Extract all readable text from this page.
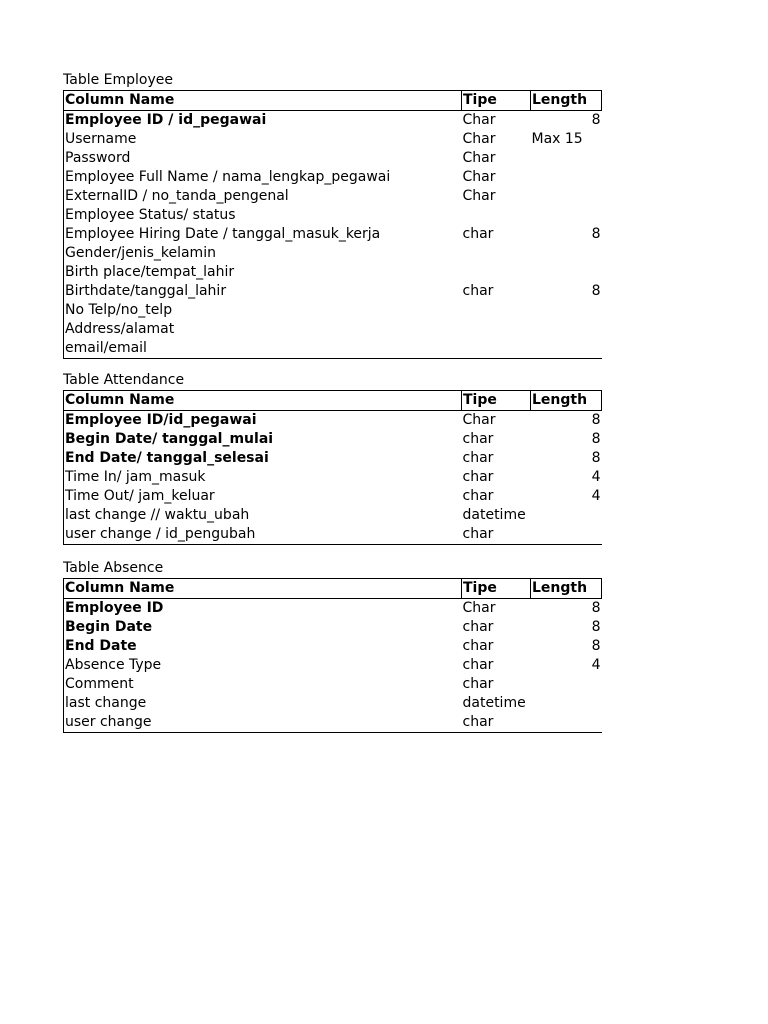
Table Employee
Column Name	Tipe	Length
Employee ID / id_pegawai	Char	8
Username	Char	Max 15
Password	Char	
Employee Full Name / nama_lengkap_pegawai	Char	
ExternalID / no_tanda_pengenal	Char	
Employee Status/ status		
Employee Hiring Date / tanggal_masuk_kerja	char	8
Gender/jenis_kelamin		
Birth place/tempat_lahir		
Birthdate/tanggal_lahir	char	8
No Telp/no_telp		
Address/alamat		
email/email		
Table Attendance
Column Name	Tipe	Length
Employee ID/id_pegawai	Char	8
Begin Date/ tanggal_mulai	char	8
End Date/ tanggal_selesai	char	8
Time In/ jam_masuk	char	4
Time Out/ jam_keluar	char	4
last change // waktu_ubah	datetime	
user change / id_pengubah	char	
Table Absence
Column Name	Tipe	Length
Employee ID	Char	8
Begin Date	char	8
End Date	char	8
Absence Type	char	4
Comment	char	
last change	datetime	
user change	char	
